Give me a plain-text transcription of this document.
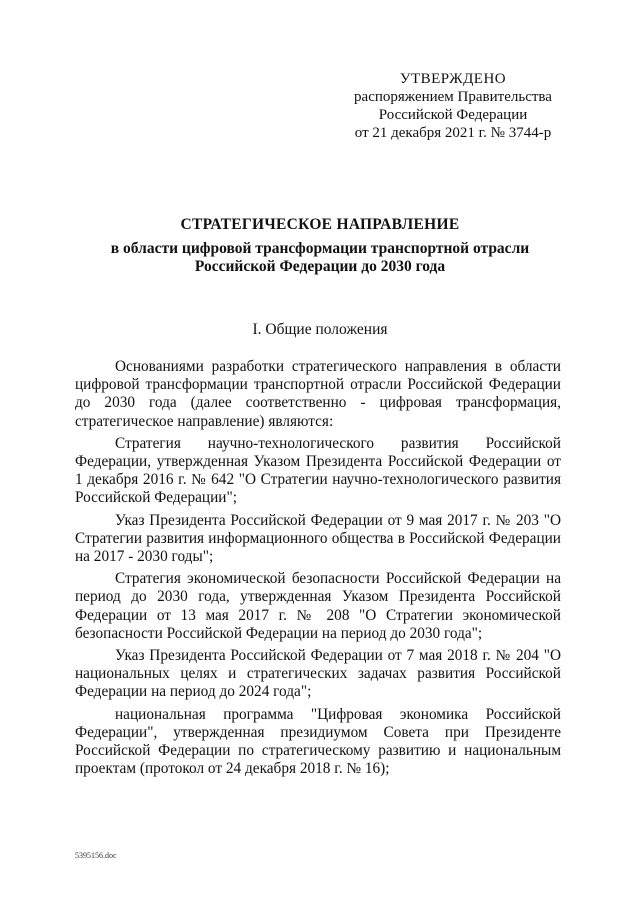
УТВЕРЖДЕНО
распоряжением Правительства
Российской Федерации
от 21 декабря 2021 г. № 3744-р
СТРАТЕГИЧЕСКОЕ НАПРАВЛЕНИЕ
в области цифровой трансформации транспортной отрасли
Российской Федерации до 2030 года
I. Общие положения

Основаниями разработки стратегического направления в области цифровой трансформации транспортной отрасли Российской Федерации до 2030 года (далее соответственно - цифровая трансформация, стратегическое направление) являются:

Стратегия научно-технологического развития Российской Федерации, утвержденная Указом Президента Российской Федерации от 1 декабря 2016 г. № 642 "О Стратегии научно-технологического развития Российской Федерации";

Указ Президента Российской Федерации от 9 мая 2017 г. № 203 "О Стратегии развития информационного общества в Российской Федерации на 2017 - 2030 годы";

Стратегия экономической безопасности Российской Федерации на период до 2030 года, утвержденная Указом Президента Российской Федерации от 13 мая 2017 г. № 208 "О Стратегии экономической безопасности Российской Федерации на период до 2030 года";

Указ Президента Российской Федерации от 7 мая 2018 г. № 204 "О национальных целях и стратегических задачах развития Российской Федерации на период до 2024 года";

национальная программа "Цифровая экономика Российской Федерации", утвержденная президиумом Совета при Президенте Российской Федерации по стратегическому развитию и национальным проектам (протокол от 24 декабря 2018 г. № 16);

5395156.doc
